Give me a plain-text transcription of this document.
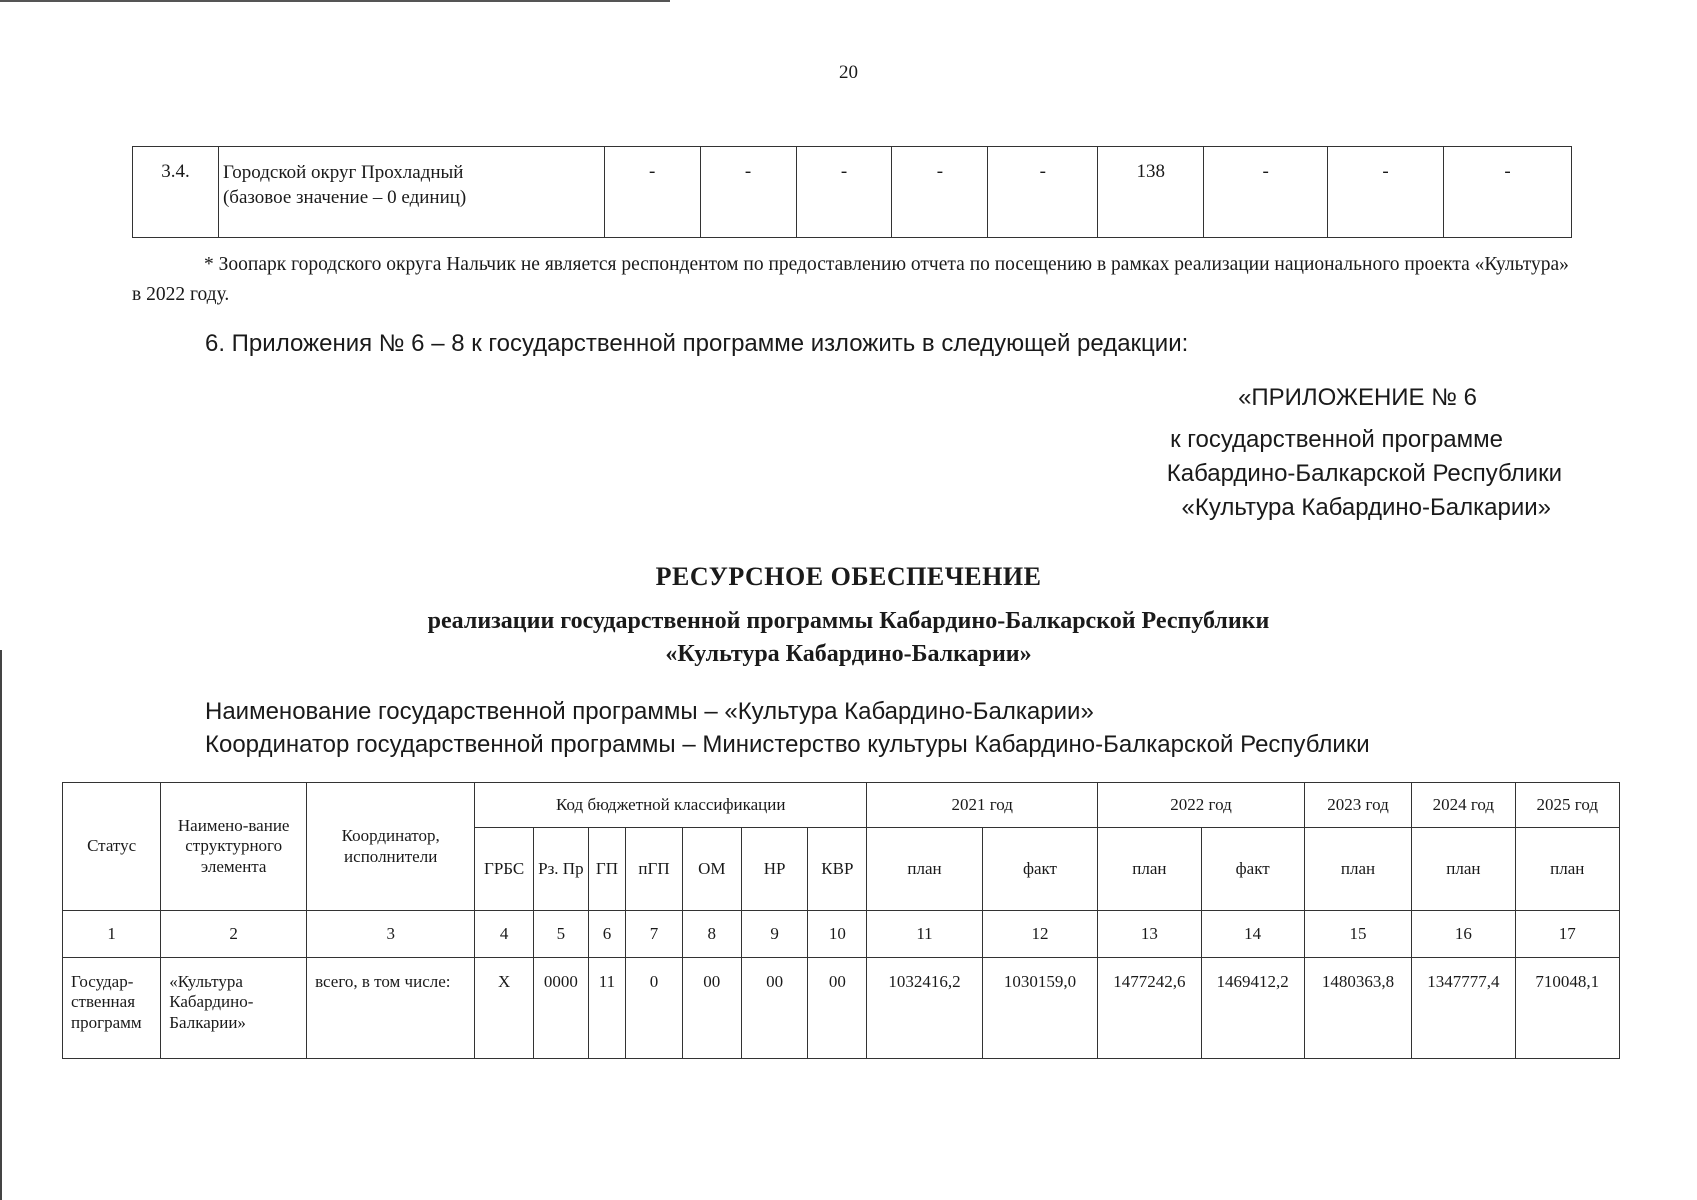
20
3.4.	Городской округ Прохладный
(базовое значение – 0 единиц)
	-	-	-	-	-	138	-	-	-
* Зоопарк городского округа Нальчик не является респондентом по предоставлению отчета по посещению в рамках реализации национального проекта «Культура» в 2022 году.
6. Приложения № 6 – 8 к государственной программе изложить в следующей редакции:
«ПРИЛОЖЕНИЕ № 6
к государственной программе
Кабардино-Балкарской Республики
«Культура Кабардино-Балкарии»
РЕСУРСНОЕ ОБЕСПЕЧЕНИЕ
реализации государственной программы Кабардино-Балкарской Республики
«Культура Кабардино-Балкарии»
Наименование государственной программы – «Культура Кабардино-Балкарии»
Координатор государственной программы – Министерство культуры Кабардино-Балкарской Республики
Статус	Наимено-вание структурного элемента	Координатор, исполнители	Код бюджетной классификации							2021 год		2022 год		2023 год	2024 год	2025 год
			ГРБС	Рз. Пр	ГП	пГП	ОМ	НР	КВР	план	факт	план	факт	план	план	план
1	2	3	4	5	6	7	8	9	10	11	12	13	14	15	16	17
Государ-ственная программ	«Культура Кабардино-Балкарии»	всего, в том числе:	Х	0000	11	0	00	00	00	1032416,2	1030159,0	1477242,6	1469412,2	1480363,8	1347777,4	710048,1
